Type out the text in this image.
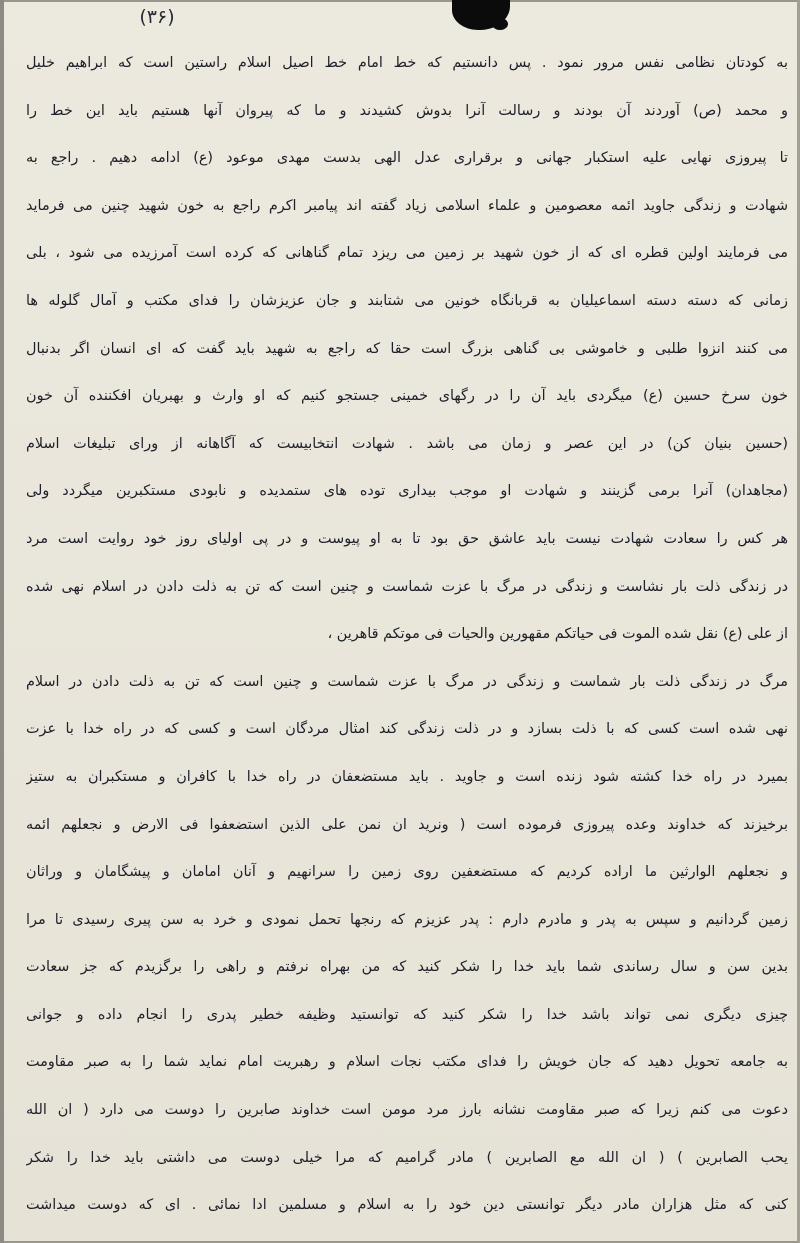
(۳۶)
به کودتان نظامی نفس مرور نمود . پس دانستیم که خط امام خط اصیل اسلام راستین است که ابراهیم خلیل
و محمد (ص) آوردند آن بودند و رسالت آنرا بدوش کشیدند و ما که پیروان آنها هستیم باید این خط را
تا پیروزی نهایی علیه استکبار جهانی و برقراری عدل الهی بدست مهدی موعود (ع) ادامه دهیم . راجع به
شهادت و زندگی جاوید ائمه معصومین و علماء اسلامی زیاد گفته اند پیامبر اکرم راجع به خون شهید چنین می فرماید
می فرمایند اولین قطره ای که از خون شهید بر زمین می ریزد تمام گناهانی که کرده است آمرزیده می شود ، بلی
زمانی که دسته دسته اسماعیلیان به قربانگاه خونین می شتابند و جان عزیزشان را فدای مکتب و آمال گلوله ها
می کنند انزوا طلبی و خاموشی بی گناهی بزرگ است حقا که راجع به شهید باید گفت که ای انسان اگر بدنبال
خون سرخ حسین (ع) میگردی باید آن را در رگهای خمینی جستجو کنیم که او وارث و بهبریان افکننده آن خون
(حسین بنیان کن) در این عصر و زمان می باشد . شهادت انتخابیست که آگاهانه از ورای تبلیغات اسلام
(مجاهدان) آنرا برمی گزینند و شهادت او موجب بیداری توده های ستمدیده و نابودی مستکبرین میگردد ولی
هر کس را سعادت شهادت نیست باید عاشق حق بود تا به او پیوست و در پی اولیای روز خود روایت است مرد
در زندگی ذلت بار نشاست و زندگی در مرگ با عزت شماست و چنین است که تن به ذلت دادن در اسلام نهی شده
از علی (ع) نقل شده الموت فی حیاتکم مقهورین والحیات فی موتکم قاهرین ،
مرگ در زندگی ذلت بار شماست و زندگی در مرگ با عزت شماست و چنین است که تن به ذلت دادن در اسلام
نهی شده است کسی که با ذلت بسازد و در ذلت زندگی کند امثال مردگان است و کسی که در راه خدا با عزت
بمیرد در راه خدا کشته شود زنده است و جاوید . باید مستضعفان در راه خدا با کافران و مستکبران به ستیز
برخیزند که خداوند وعده پیروزی فرموده است ( ونرید ان نمن علی الذین استضعفوا فی الارض و نجعلهم ائمه
و نجعلهم الوارثین ما اراده کردیم که مستضعفین روی زمین را سرانهیم و آنان امامان و پیشگامان و وراثان
زمین گردانیم و سپس به پدر و مادرم دارم : پدر عزیزم که رنجها تحمل نمودی و خرد به سن پیری رسیدی تا مرا
بدین سن و سال رساندی شما باید خدا را شکر کنید که من بهراه نرفتم و راهی را برگزیدم که جز سعادت
چیزی دیگری نمی تواند باشد خدا را شکر کنید که توانستید وظیفه خطیر پدری را انجام داده و جوانی
به جامعه تحویل دهید که جان خویش را فدای مکتب نجات اسلام و رهبریت امام نماید شما را به صبر مقاومت
دعوت می کنم زیرا که صبر مقاومت نشانه بارز مرد مومن است خداوند صابرین را دوست می دارد ( ان الله
یحب الصابرین ) ( ان الله مع الصابرین ) مادر گرامیم که مرا خیلی دوست می داشتی باید خدا را شکر
کنی که مثل هزاران مادر دیگر توانستی دین خود را به اسلام و مسلمین ادا نمائی . ای که دوست میداشت
